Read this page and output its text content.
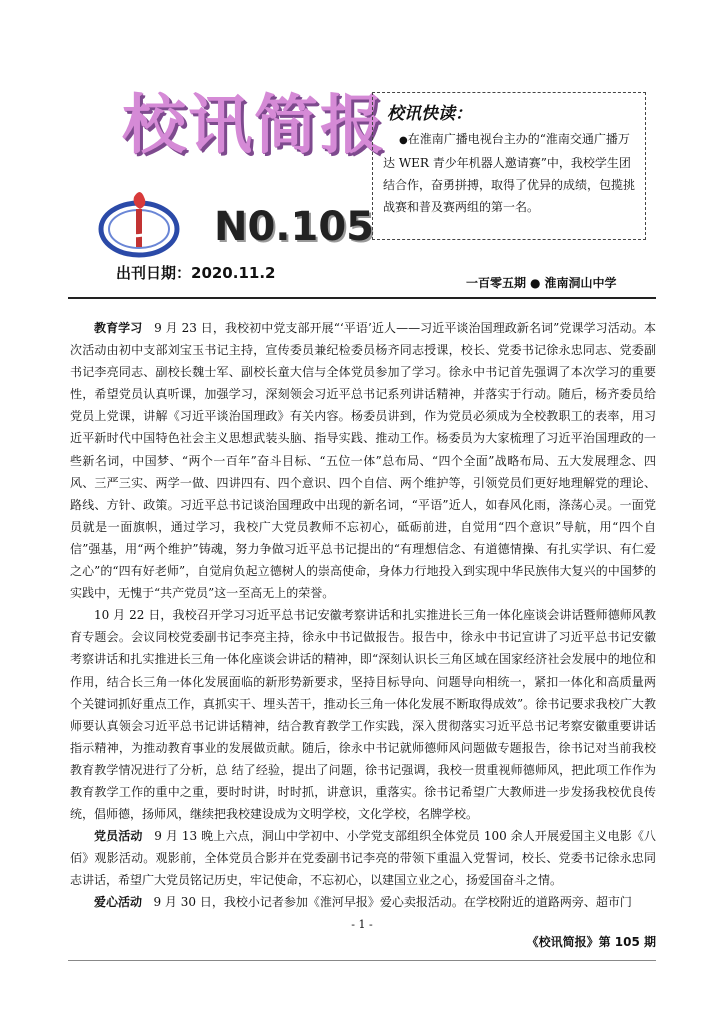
校讯简报
N0.105
出刊日期：2020.11.2
校讯快读：
●在淮南广播电视台主办的“淮南交通广播万达 WER 青少年机器人邀请赛”中，我校学生团结合作，奋勇拼搏，取得了优异的成绩，包揽挑战赛和普及赛两组的第一名。
一百零五期 ● 淮南洞山中学

教育学习 9 月 23 日，我校初中党支部开展“‘平语’近人——习近平谈治国理政新名词”党课学习活动。本次活动由初中支部刘宝玉书记主持，宣传委员兼纪检委员杨齐同志授课，校长、党委书记徐永忠同志、党委副书记李亮同志、副校长魏士军、副校长童大信与全体党员参加了学习。徐永中书记首先强调了本次学习的重要性，希望党员认真听课，加强学习，深刻领会习近平总书记系列讲话精神，并落实于行动。随后，杨齐委员给党员上党课，讲解《习近平谈治国理政》有关内容。杨委员讲到，作为党员必须成为全校教职工的表率，用习近平新时代中国特色社会主义思想武装头脑、指导实践、推动工作。杨委员为大家梳理了习近平治国理政的一些新名词，中国梦、“两个一百年”奋斗目标、“五位一体”总布局、“四个全面”战略布局、五大发展理念、四风、三严三实、两学一做、四讲四有、四个意识、四个自信、两个维护等，引领党员们更好地理解党的理论、路线、方针、政策。习近平总书记谈治国理政中出现的新名词，“平语”近人，如春风化雨，涤荡心灵。一面党员就是一面旗帜，通过学习，我校广大党员教师不忘初心，砥砺前进，自觉用“四个意识”导航，用“四个自信”强基，用“两个维护”铸魂，努力争做习近平总书记提出的“有理想信念、有道德情操、有扎实学识、有仁爱之心”的“四有好老师”，自觉肩负起立德树人的崇高使命，身体力行地投入到实现中华民族伟大复兴的中国梦的实践中，无愧于“共产党员”这一至高无上的荣誉。

10 月 22 日，我校召开学习习近平总书记安徽考察讲话和扎实推进长三角一体化座谈会讲话暨师德师风教育专题会。会议同校党委副书记李亮主持，徐永中书记做报告。报告中，徐永中书记宣讲了习近平总书记安徽考察讲话和扎实推进长三角一体化座谈会讲话的精神，即“深刻认识长三角区域在国家经济社会发展中的地位和作用，结合长三角一体化发展面临的新形势新要求，坚持目标导向、问题导向相统一，紧扣一体化和高质量两个关键词抓好重点工作，真抓实干、埋头苦干，推动长三角一体化发展不断取得成效”。徐书记要求我校广大教师要认真领会习近平总书记讲话精神，结合教育教学工作实践，深入贯彻落实习近平总书记考察安徽重要讲话指示精神，为推动教育事业的发展做贡献。随后，徐永中书记就师德师风问题做专题报告，徐书记对当前我校教育教学情况进行了分析，总 结了经验，提出了问题，徐书记强调，我校一贯重视师德师风，把此项工作作为教育教学工作的重中之重，要时时讲，时时抓，讲意识，重落实。徐书记希望广大教师进一步发扬我校优良传统，倡师德，扬师风，继续把我校建设成为文明学校，文化学校，名牌学校。

党员活动 9 月 13 晚上六点，洞山中学初中、小学党支部组织全体党员 100 余人开展爱国主义电影《八佰》观影活动。观影前，全体党员合影并在党委副书记李亮的带领下重温入党誓词，校长、党委书记徐永忠同志讲话，希望广大党员铭记历史，牢记使命，不忘初心，以建国立业之心，扬爱国奋斗之情。

爱心活动 9 月 30 日，我校小记者参加《淮河早报》爱心卖报活动。在学校附近的道路两旁、超市门

- 1 -
《校讯简报》第 105 期
